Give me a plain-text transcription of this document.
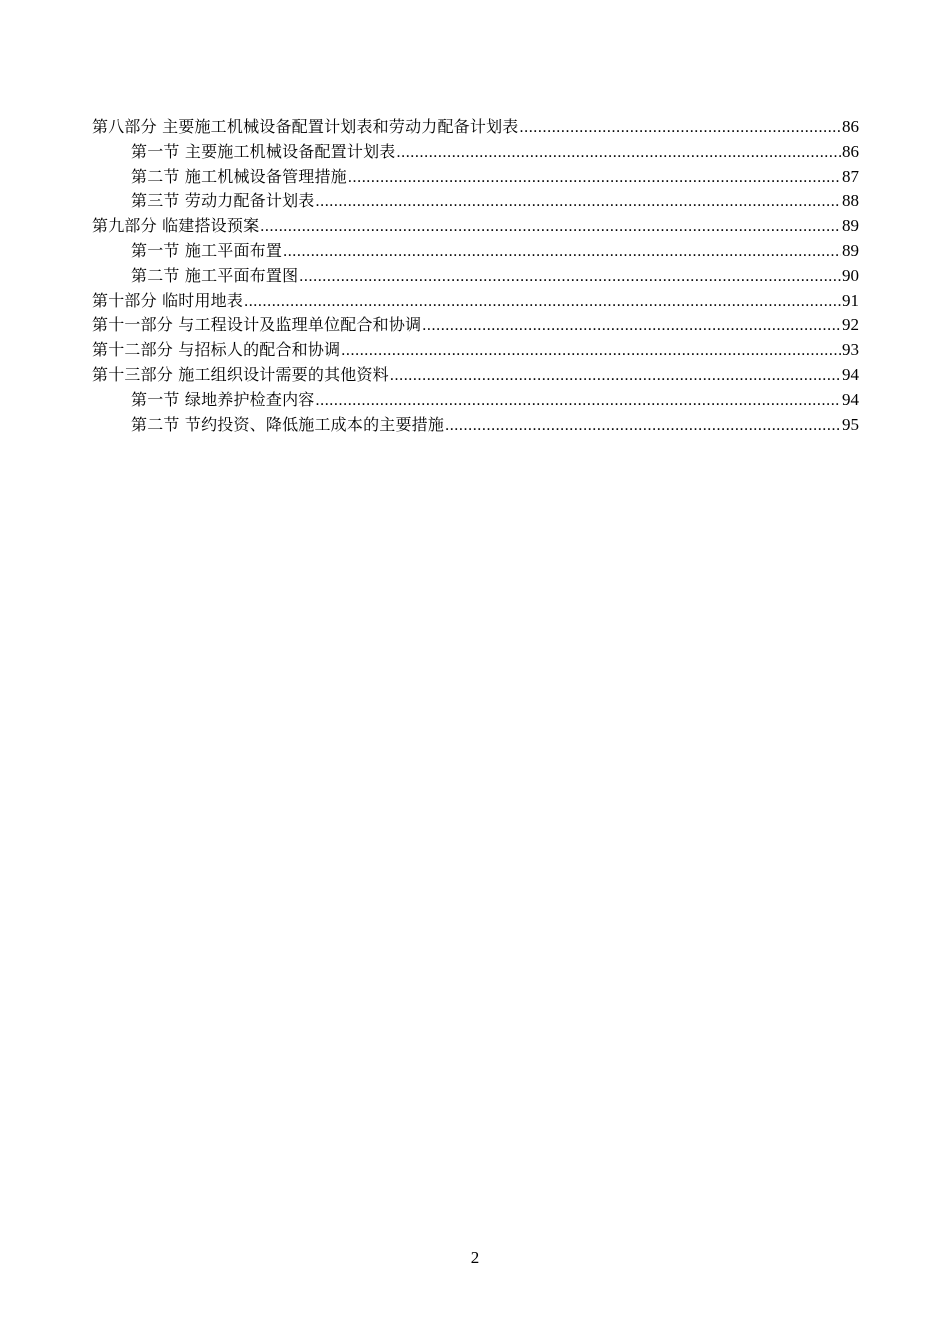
第八部分 主要施工机械设备配置计划表和劳动力配备计划表 .....	86
第一节 主要施工机械设备配置计划表 .....	86
第二节 施工机械设备管理措施 .....	87
第三节 劳动力配备计划表 .....	88
第九部分 临建搭设预案 .....	89
第一节 施工平面布置 .....	89
第二节 施工平面布置图 .....	90
第十部分 临时用地表 .....	91
第十一部分 与工程设计及监理单位配合和协调 .....	92
第十二部分 与招标人的配合和协调 .....	93
第十三部分 施工组织设计需要的其他资料 .....	94
第一节 绿地养护检查内容 .....	94
第二节 节约投资、降低施工成本的主要措施 .....	95
2
